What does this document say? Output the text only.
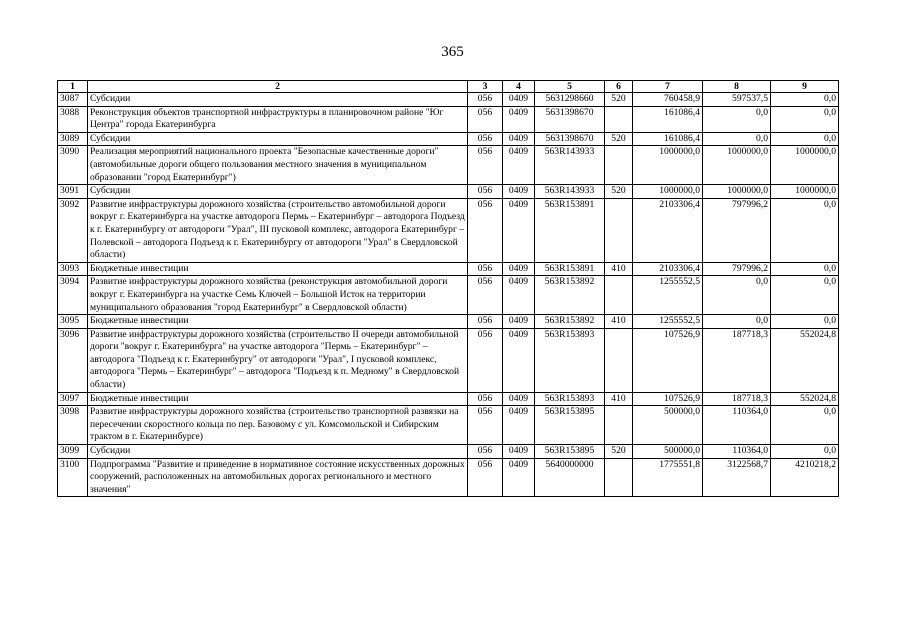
365
1	2	3	4	5	6	7	8	9
3087	Субсидии	056	0409	5631298660	520	760458,9	597537,5	0,0
3088	Реконструкция объектов транспортной инфраструктуры в планировочном районе "Юг Центра" города Екатеринбурга	056	0409	5631398670		161086,4	0,0	0,0
3089	Субсидии	056	0409	5631398670	520	161086,4	0,0	0,0
3090	Реализация мероприятий национального проекта "Безопасные качественные дороги" (автомобильные дороги общего пользования местного значения в муниципальном образовании "город Екатеринбург")	056	0409	563R143933		1000000,0	1000000,0	1000000,0
3091	Субсидии	056	0409	563R143933	520	1000000,0	1000000,0	1000000,0
3092	Развитие инфраструктуры дорожного хозяйства (строительство автомобильной дороги вокруг г. Екатеринбурга на участке автодорога Пермь – Екатеринбург – автодорога Подъезд к г. Екатеринбургу от автодороги "Урал", III пусковой комплекс, автодорога Екатеринбург – Полевской – автодорога Подъезд к г. Екатеринбургу от автодороги "Урал" в Свердловской области)	056	0409	563R153891		2103306,4	797996,2	0,0
3093	Бюджетные инвестиции	056	0409	563R153891	410	2103306,4	797996,2	0,0
3094	Развитие инфраструктуры дорожного хозяйства (реконструкция автомобильной дороги вокруг г. Екатеринбурга на участке Семь Ключей – Большой Исток на территории муниципального образования "город Екатеринбург" в Свердловской области)	056	0409	563R153892		1255552,5	0,0	0,0
3095	Бюджетные инвестиции	056	0409	563R153892	410	1255552,5	0,0	0,0
3096	Развитие инфраструктуры дорожного хозяйства (строительство II очереди автомобильной дороги "вокруг г. Екатеринбурга" на участке автодорога "Пермь – Екатеринбург" – автодорога "Подъезд к г. Екатеринбургу" от автодороги "Урал", I пусковой комплекс, автодорога "Пермь – Екатеринбург" – автодорога "Подъезд к п. Медному" в Свердловской области)	056	0409	563R153893		107526,9	187718,3	552024,8
3097	Бюджетные инвестиции	056	0409	563R153893	410	107526,9	187718,3	552024,8
3098	Развитие инфраструктуры дорожного хозяйства (строительство транспортной развязки на пересечении скоростного кольца по пер. Базовому с ул. Комсомольской и Сибирским трактом в г. Екатеринбурге)	056	0409	563R153895		500000,0	110364,0	0,0
3099	Субсидии	056	0409	563R153895	520	500000,0	110364,0	0,0
3100	Подпрограмма "Развитие и приведение в нормативное состояние искусственных дорожных сооружений, расположенных на автомобильных дорогах регионального и местного значения"	056	0409	5640000000		1775551,8	3122568,7	4210218,2
